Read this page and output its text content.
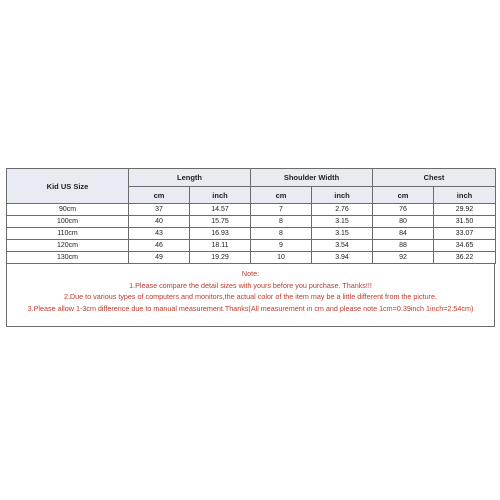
Kid US Size	Length		Shoulder Width		Chest	
	cm	inch	cm	inch	cm	inch
90cm	37	14.57	7	2.76	76	29.92
100cm	40	15.75	8	3.15	80	31.50
110cm	43	16.93	8	3.15	84	33.07
120cm	46	18.11	9	3.54	88	34.65
130cm	49	19.29	10	3.94	92	36.22
Note:
1.Please compare the detail sizes with yours before you purchase. Thanks!!!
2.Due to various types of computers and monitors,the actual color of the item may be a little different from the picture.
3.Please allow 1-3cm difference due to manual measurement.Thanks(All measurement in cm and please note 1cm=0.39inch 1inch=2.54cm)
